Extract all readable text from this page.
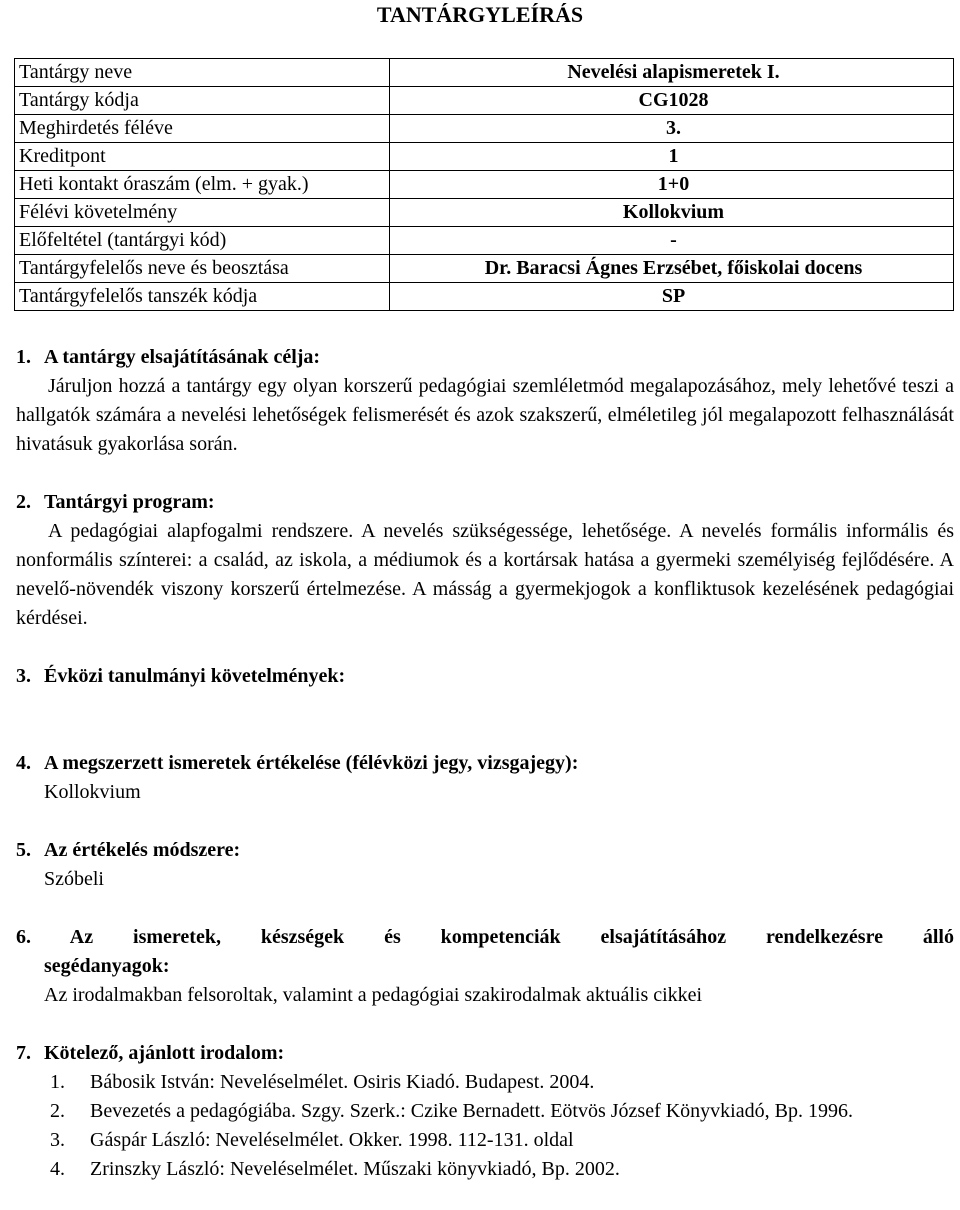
TANTÁRGYLEÍRÁS
Tantárgy neve	Nevelési alapismeretek I.
Tantárgy kódja	CG1028
Meghirdetés féléve	3.
Kreditpont	1
Heti kontakt óraszám (elm. + gyak.)	1+0
Félévi követelmény	Kollokvium
Előfeltétel (tantárgyi kód)	-
Tantárgyfelelős neve és beosztása	Dr. Baracsi Ágnes Erzsébet, főiskolai docens
Tantárgyfelelős tanszék kódja	SP
1. A tantárgy elsajátításának célja:
Járuljon hozzá a tantárgy egy olyan korszerű pedagógiai szemléletmód megalapozásához, mely lehetővé teszi a hallgatók számára a nevelési lehetőségek felismerését és azok szakszerű, elméletileg jól megalapozott felhasználását hivatásuk gyakorlása során.
2. Tantárgyi program:
A pedagógiai alapfogalmi rendszere. A nevelés szükségessége, lehetősége. A nevelés formális informális és nonformális színterei: a család, az iskola, a médiumok és a kortársak hatása a gyermeki személyiség fejlődésére. A nevelő-növendék viszony korszerű értelmezése. A másság a gyermekjogok a konfliktusok kezelésének pedagógiai kérdései.
3. Évközi tanulmányi követelmények:
4. A megszerzett ismeretek értékelése (félévközi jegy, vizsgajegy):
Kollokvium
5. Az értékelés módszere:
Szóbeli
6. Az ismeretek, készségek és kompetenciák elsajátításához rendelkezésre álló
segédanyagok:
Az irodalmakban felsoroltak, valamint a pedagógiai szakirodalmak aktuális cikkei
7. Kötelező, ajánlott irodalom:
1. Bábosik István: Neveléselmélet. Osiris Kiadó. Budapest. 2004.
2. Bevezetés a pedagógiába. Szgy. Szerk.: Czike Bernadett. Eötvös József Könyvkiadó, Bp. 1996.
3. Gáspár László: Neveléselmélet. Okker. 1998. 112-131. oldal
4. Zrinszky László: Neveléselmélet. Műszaki könyvkiadó, Bp. 2002.
